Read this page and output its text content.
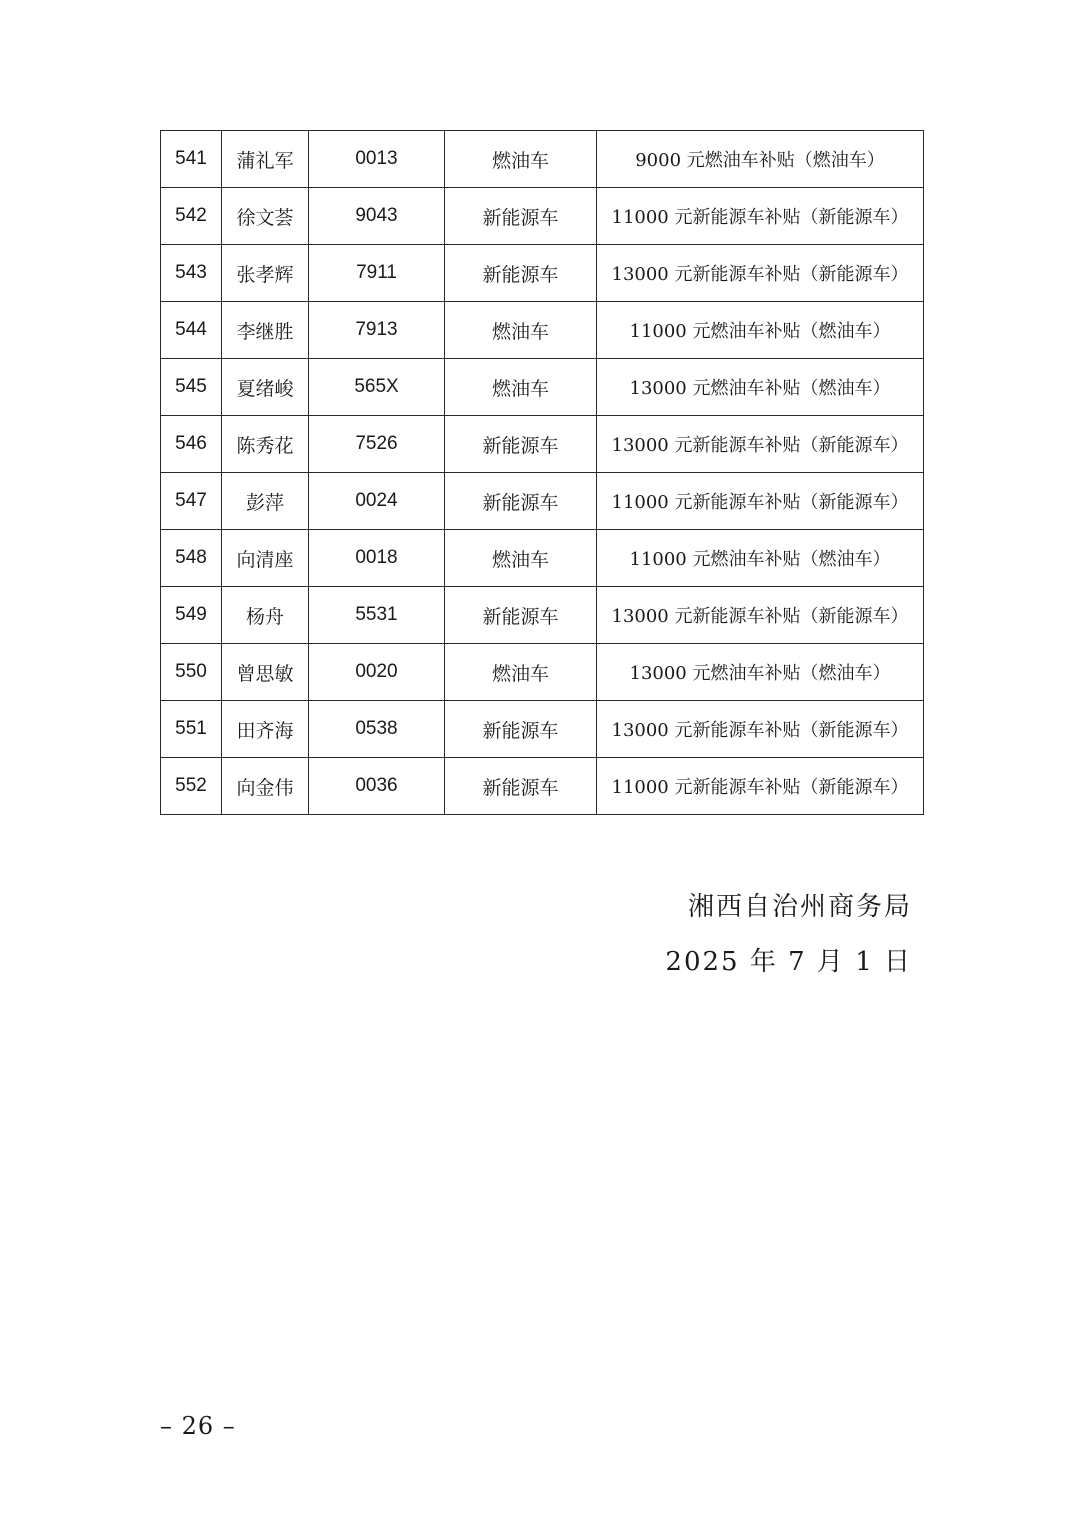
541	蒲礼军	0013	燃油车	9000 元燃油车补贴（燃油车）
542	徐文荟	9043	新能源车	11000 元新能源车补贴（新能源车）
543	张孝辉	7911	新能源车	13000 元新能源车补贴（新能源车）
544	李继胜	7913	燃油车	11000 元燃油车补贴（燃油车）
545	夏绪峻	565X	燃油车	13000 元燃油车补贴（燃油车）
546	陈秀花	7526	新能源车	13000 元新能源车补贴（新能源车）
547	彭萍	0024	新能源车	11000 元新能源车补贴（新能源车）
548	向清座	0018	燃油车	11000 元燃油车补贴（燃油车）
549	杨舟	5531	新能源车	13000 元新能源车补贴（新能源车）
550	曾思敏	0020	燃油车	13000 元燃油车补贴（燃油车）
551	田齐海	0538	新能源车	13000 元新能源车补贴（新能源车）
552	向金伟	0036	新能源车	11000 元新能源车补贴（新能源车）
湘西自治州商务局
2025 年 7 月 1 日
– 26 –
